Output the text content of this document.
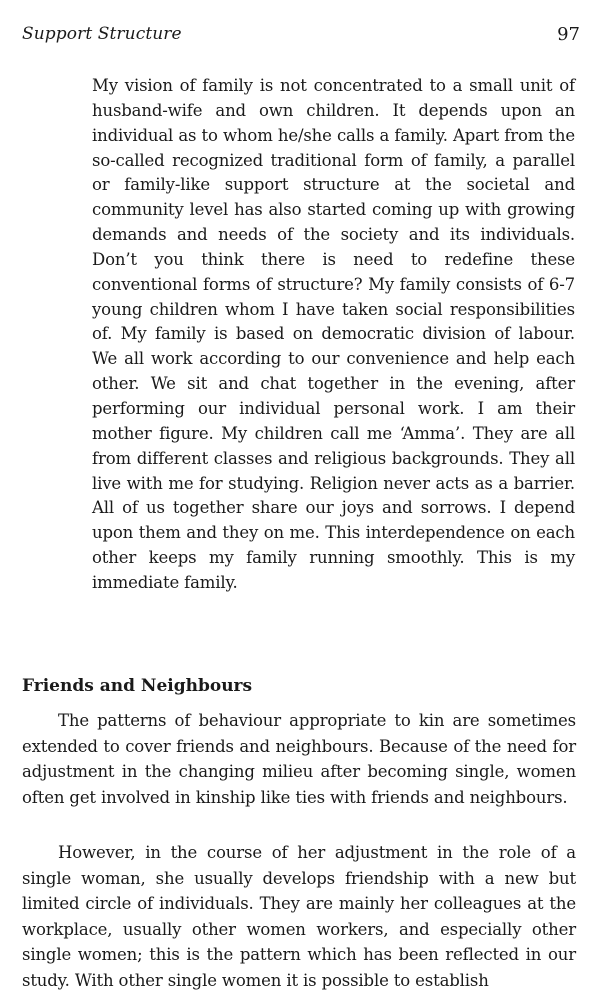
Support Structure	97

My vision of family is not concentrated to a small unit of husband-wife and own children. It depends upon an individual as to whom he/she calls a family. Apart from the so-called recognized traditional form of family, a parallel or family-like support structure at the societal and community level has also started coming up with growing demands and needs of the society and its individuals. Don’t you think there is need to redefine these conventional forms of structure? My family consists of 6-7 young children whom I have taken social responsibilities of. My family is based on democratic division of labour. We all work according to our convenience and help each other. We sit and chat together in the evening, after performing our individual personal work. I am their mother figure. My children call me ‘Amma’. They are all from different classes and religious backgrounds. They all live with me for studying. Religion never acts as a barrier. All of us together share our joys and sorrows. I depend upon them and they on me. This interdependence on each other keeps my family running smoothly. This is my immediate family.

Friends and Neighbours

The patterns of behaviour appropriate to kin are sometimes extended to cover friends and neighbours. Because of the need for adjustment in the changing milieu after becoming single, women often get involved in kinship like ties with friends and neighbours.

However, in the course of her adjustment in the role of a single woman, she usually develops friendship with a new but limited circle of individuals. They are mainly her colleagues at the workplace, usually other women workers, and especially other single women; this is the pattern which has been reflected in our study. With other single women it is possible to establish
